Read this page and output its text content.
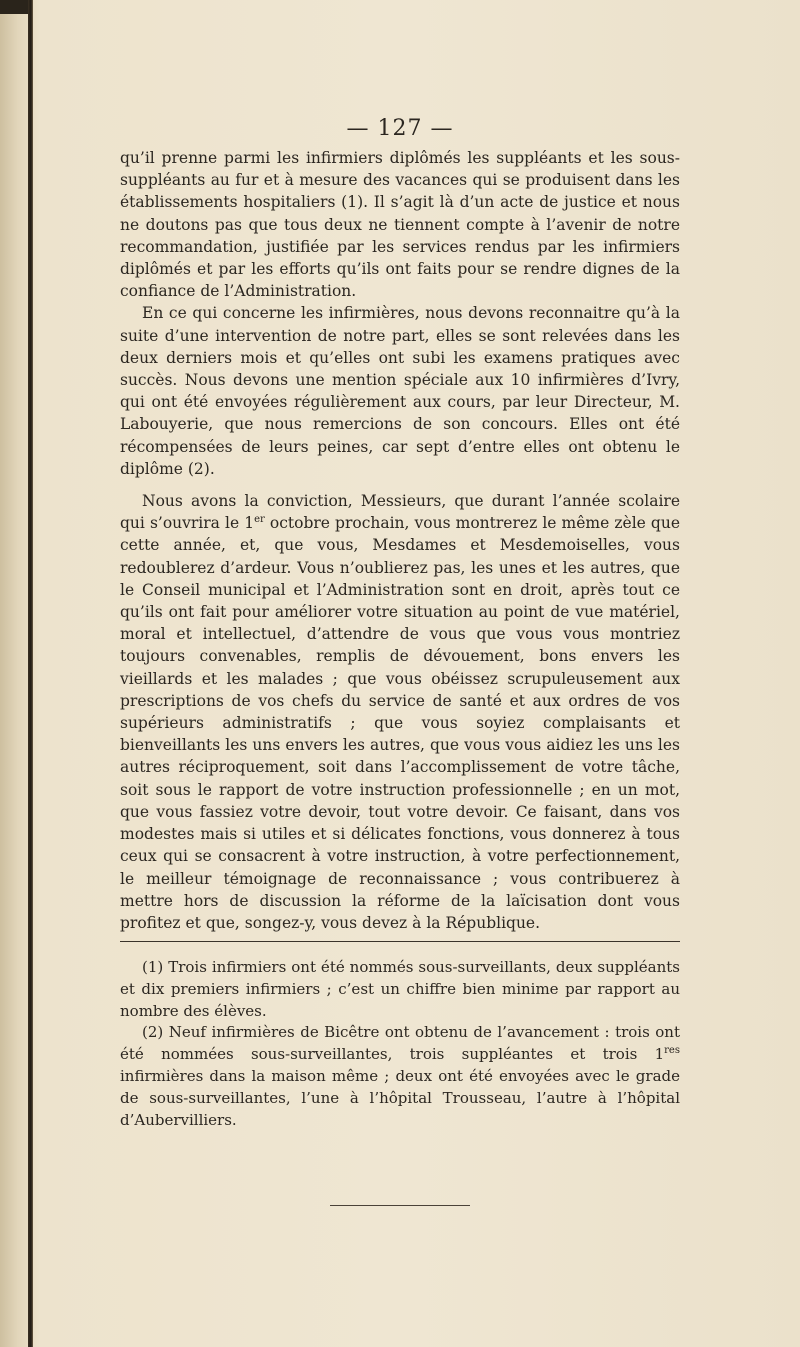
— 127 —

qu’il prenne parmi les infirmiers diplômés les suppléants et les sous-suppléants au fur et à mesure des vacances qui se produisent dans les établissements hospitaliers (1). Il s’agit là d’un acte de justice et nous ne doutons pas que tous deux ne tiennent compte à l’avenir de notre recommandation, justifiée par les services rendus par les infirmiers diplômés et par les efforts qu’ils ont faits pour se rendre dignes de la confiance de l’Administration.

En ce qui concerne les infirmières, nous devons reconnaitre qu’à la suite d’une intervention de notre part, elles se sont relevées dans les deux derniers mois et qu’elles ont subi les examens pratiques avec succès. Nous devons une mention spéciale aux 10 infirmières d’Ivry, qui ont été envoyées régulièrement aux cours, par leur Directeur, M. Labouyerie, que nous remercions de son concours. Elles ont été récompensées de leurs peines, car sept d’entre elles ont obtenu le diplôme (2).

Nous avons la conviction, Messieurs, que durant l’année scolaire qui s’ouvrira le 1er octobre prochain, vous montrerez le même zèle que cette année, et, que vous, Mesdames et Mesdemoiselles, vous redoublerez d’ardeur. Vous n’oublierez pas, les unes et les autres, que le Conseil municipal et l’Administration sont en droit, après tout ce qu’ils ont fait pour améliorer votre situation au point de vue matériel, moral et intellectuel, d’attendre de vous que vous vous montriez toujours convenables, remplis de dévouement, bons envers les vieillards et les malades ; que vous obéissez scrupuleusement aux prescriptions de vos chefs du service de santé et aux ordres de vos supérieurs administratifs ; que vous soyiez complaisants et bienveillants les uns envers les autres, que vous vous aidiez les uns les autres réciproquement, soit dans l’accomplissement de votre tâche, soit sous le rapport de votre instruction professionnelle ; en un mot, que vous fassiez votre devoir, tout votre devoir. Ce faisant, dans vos modestes mais si utiles et si délicates fonctions, vous donnerez à tous ceux qui se consacrent à votre instruction, à votre perfectionnement, le meilleur témoignage de reconnaissance ; vous contribuerez à mettre hors de discussion la réforme de la laïcisation dont vous profitez et que, songez-y, vous devez à la République.

(1) Trois infirmiers ont été nommés sous-surveillants, deux suppléants et dix premiers infirmiers ; c’est un chiffre bien minime par rapport au nombre des élèves.

(2) Neuf infirmières de Bicêtre ont obtenu de l’avancement : trois ont été nommées sous-surveillantes, trois suppléantes et trois 1res infirmières dans la maison même ; deux ont été envoyées avec le grade de sous-surveillantes, l’une à l’hôpital Trousseau, l’autre à l’hôpital d’Aubervilliers.
